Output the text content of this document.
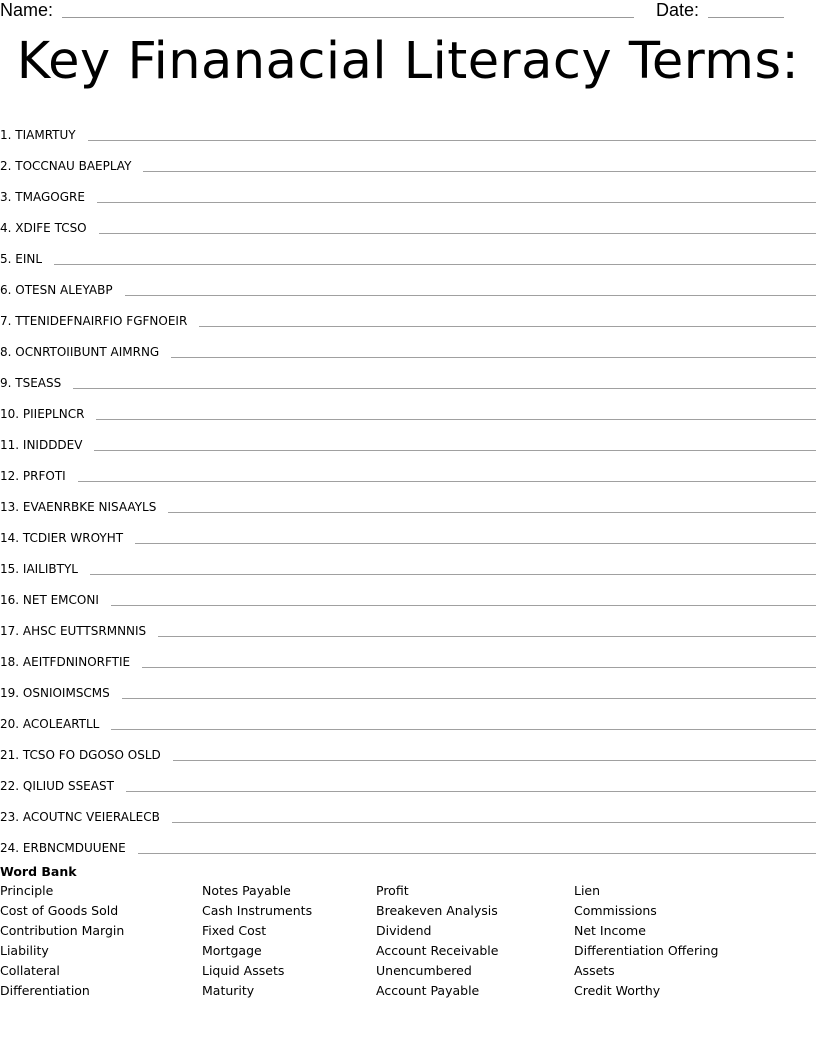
Name:	Date:
Key Finanacial Literacy Terms:
1. TIAMRTUY
2. TOCCNAU BAEPLAY
3. TMAGOGRE
4. XDIFE TCSO
5. EINL
6. OTESN ALEYABP
7. TTENIDEFNAIRFIO FGFNOEIR
8. OCNRTOIIBUNT AIMRNG
9. TSEASS
10. PIIEPLNCR
11. INIDDDEV
12. PRFOTI
13. EVAENRBKE NISAAYLS
14. TCDIER WROYHT
15. IAILIBTYL
16. NET EMCONI
17. AHSC EUTTSRMNNIS
18. AEITFDNINORFTIE
19. OSNIOIMSCMS
20. ACOLEARTLL
21. TCSO FO DGOSO OSLD
22. QILIUD SSEAST
23. ACOUTNC VEIERALECB
24. ERBNCMDUUENE
Word Bank
Principle
Cost of Goods Sold
Contribution Margin
Liability
Collateral
Differentiation
Notes Payable
Cash Instruments
Fixed Cost
Mortgage
Liquid Assets
Maturity
Profit
Breakeven Analysis
Dividend
Account Receivable
Unencumbered
Account Payable
Lien
Commissions
Net Income
Differentiation Offering
Assets
Credit Worthy
